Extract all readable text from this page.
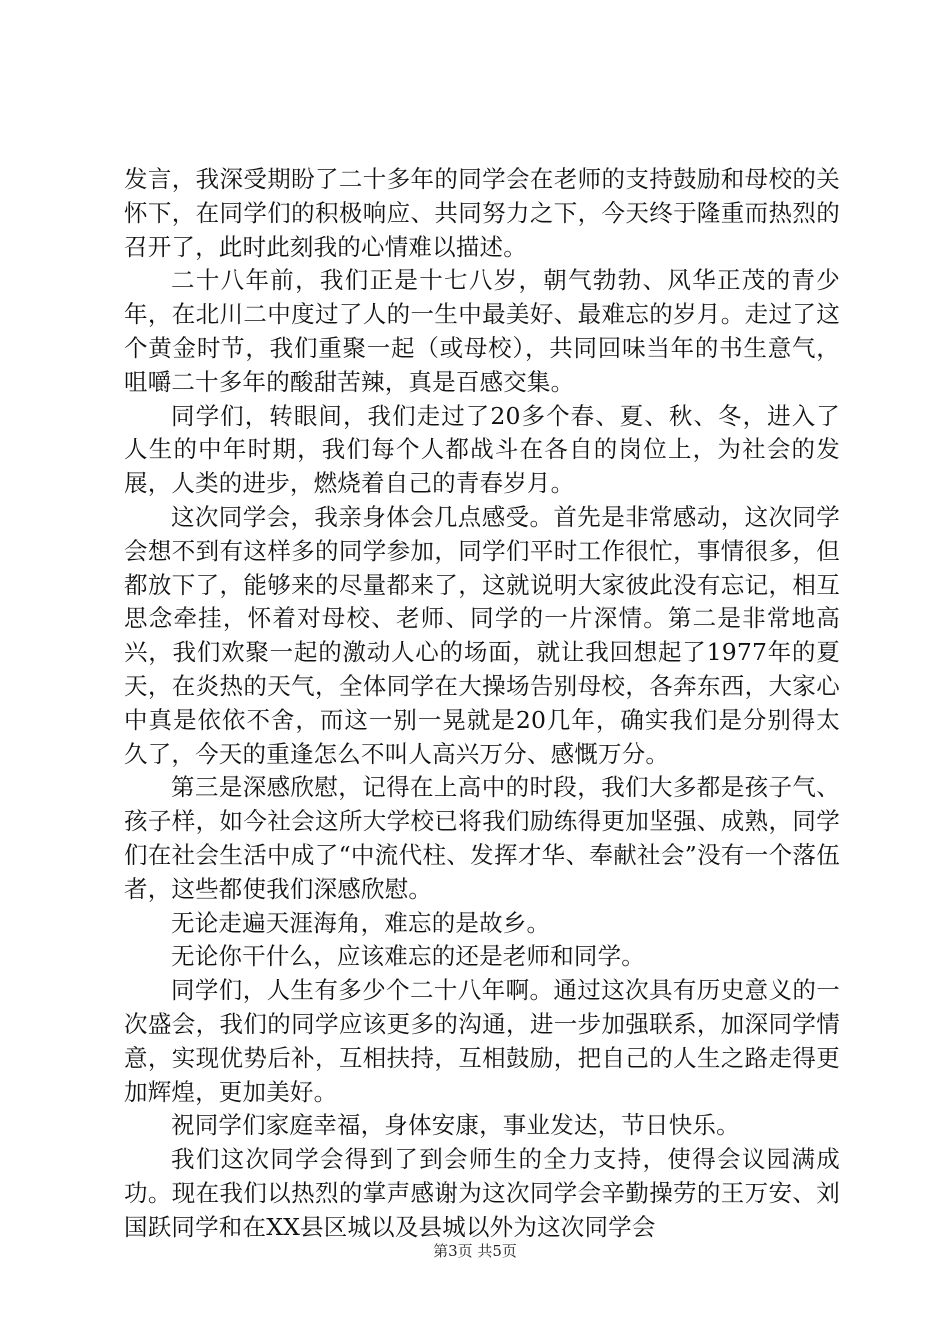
发言，我深受期盼了二十多年的同学会在老师的支持鼓励和母校的关怀下，在同学们的积极响应、共同努力之下，今天终于隆重而热烈的召开了，此时此刻我的心情难以描述。

二十八年前，我们正是十七八岁，朝气勃勃、风华正茂的青少年，在北川二中度过了人的一生中最美好、最难忘的岁月。走过了这个黄金时节，我们重聚一起（或母校），共同回味当年的书生意气，咀嚼二十多年的酸甜苦辣，真是百感交集。

同学们，转眼间，我们走过了20多个春、夏、秋、冬，进入了人生的中年时期，我们每个人都战斗在各自的岗位上，为社会的发展，人类的进步，燃烧着自己的青春岁月。

这次同学会，我亲身体会几点感受。首先是非常感动，这次同学会想不到有这样多的同学参加，同学们平时工作很忙，事情很多，但都放下了，能够来的尽量都来了，这就说明大家彼此没有忘记，相互思念牵挂，怀着对母校、老师、同学的一片深情。第二是非常地高兴，我们欢聚一起的激动人心的场面，就让我回想起了1977年的夏天，在炎热的天气，全体同学在大操场告别母校，各奔东西，大家心中真是依依不舍，而这一别一晃就是20几年，确实我们是分别得太久了，今天的重逢怎么不叫人高兴万分、感慨万分。

第三是深感欣慰，记得在上高中的时段，我们大多都是孩子气、孩子样，如今社会这所大学校已将我们励练得更加坚强、成熟，同学们在社会生活中成了“中流代柱、发挥才华、奉献社会”没有一个落伍者，这些都使我们深感欣慰。

无论走遍天涯海角，难忘的是故乡。

无论你干什么，应该难忘的还是老师和同学。

同学们，人生有多少个二十八年啊。通过这次具有历史意义的一次盛会，我们的同学应该更多的沟通，进一步加强联系，加深同学情意，实现优势后补，互相扶持，互相鼓励，把自己的人生之路走得更加辉煌，更加美好。

祝同学们家庭幸福，身体安康，事业发达，节日快乐。

我们这次同学会得到了到会师生的全力支持，使得会议园满成功。现在我们以热烈的掌声感谢为这次同学会辛勤操劳的王万安、刘国跃同学和在XX县区城以及县城以外为这次同学会

第3页 共5页
